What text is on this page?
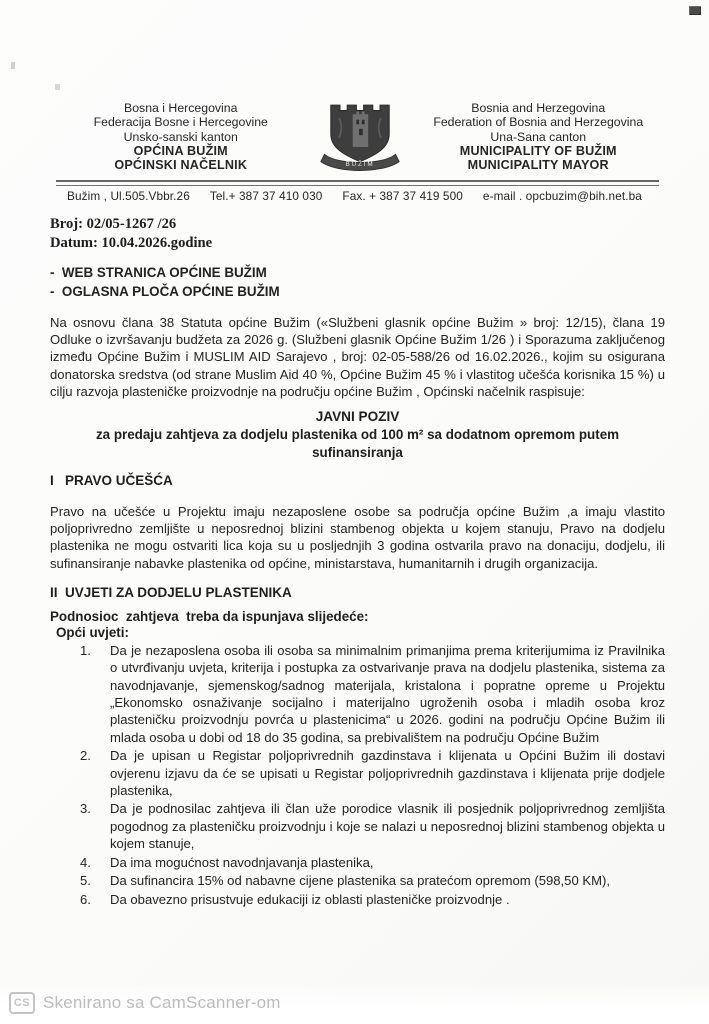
Bosna i Hercegovina
Federacija Bosne i Hercegovine
Unsko-sanski kanton
OPĆINA BUŽIM
OPĆINSKI NAČELNIK	BUŽIM
Bosnia and Herzegovina
Federation of Bosnia and Herzegovina
Una-Sana canton
MUNICIPALITY OF BUŽIM
MUNICIPALITY MAYOR
Bužim , Ul.505.Vbbr.26 Tel.+ 387 37 410 030 Fax. + 387 37 419 500 e-mail . opcbuzim@bih.net.ba
Broj: 02/05-1267 /26
Datum: 10.04.2026.godine
-  WEB STRANICA OPĆINE BUŽIM
-  OGLASNA PLOČA OPĆINE BUŽIM
Na osnovu člana 38 Statuta općine Bužim («Službeni glasnik općine Bužim » broj: 12/15), člana 19 Odluke o izvršavanju budžeta za 2026 g. (Službeni glasnik Općine Bužim 1/26 ) i Sporazuma zaključenog između Općine Bužim i MUSLIM AID Sarajevo , broj: 02-05-588/26 od 16.02.2026., kojim su osigurana donatorska sredstva (od strane Muslim Aid 40 %, Općine Bužim 45 % i vlastitog učešća korisnika 15 %) u cilju razvoja plasteničke proizvodnje na području općine Bužim , Općinski načelnik raspisuje:
JAVNI POZIV
za predaju zahtjeva za dodjelu plastenika od 100 m² sa dodatnom opremom putem sufinansiranja
I   PRAVO UČEŠĆA
Pravo na učešće u Projektu imaju nezaposlene osobe sa područja općine Bužim ,a imaju vlastito poljoprivredno zemljište u neposrednoj blizini stambenog objekta u kojem stanuju, Pravo na dodjelu plastenika ne mogu ostvariti lica koja su u posljednjih 3 godina ostvarila pravo na donaciju, dodjelu, ili sufinansiranje nabavke plastenika od općine, ministarstava, humanitarnih i drugih organizacija.
II  UVJETI ZA DODJELU PLASTENIKA
Podnosioc  zahtjeva  treba da ispunjava slijedeće:
Opći uvjeti:
Da je nezaposlena osoba ili osoba sa minimalnim primanjima prema kriterijumima iz Pravilnika o utvrđivanju uvjeta, kriterija i postupka za ostvarivanje prava na dodjelu plastenika, sistema za navodnjavanje, sjemenskog/sadnog materijala, kristalona i popratne opreme u Projektu „Ekonomsko osnaživanje socijalno i materijalno ugroženih osoba i mladih osoba kroz plasteničku proizvodnju povrća u plastenicima“ u 2026. godini na području Općine Bužim ili mlada osoba u dobi od 18 do 35 godina, sa prebivalištem na području Općine Bužim
Da je upisan u Registar poljoprivrednih gazdinstava i klijenata u Općini Bužim ili dostavi ovjerenu izjavu da će se upisati u Registar poljoprivrednih gazdinstava i klijenata prije dodjele plastenika,
Da je podnosilac zahtjeva ili član uže porodice vlasnik ili posjednik poljoprivrednog zemljišta pogodnog za plasteničku proizvodnju i koje se nalazi u neposrednoj blizini stambenog objekta u kojem stanuje,
Da ima mogućnost navodnjavanja plastenika,
Da sufinancira 15% od nabavne cijene plastenika sa pratećom opremom (598,50 KM),
Da obavezno prisustvuje edukaciji iz oblasti plasteničke proizvodnje .
CS Skenirano sa CamScanner-om
